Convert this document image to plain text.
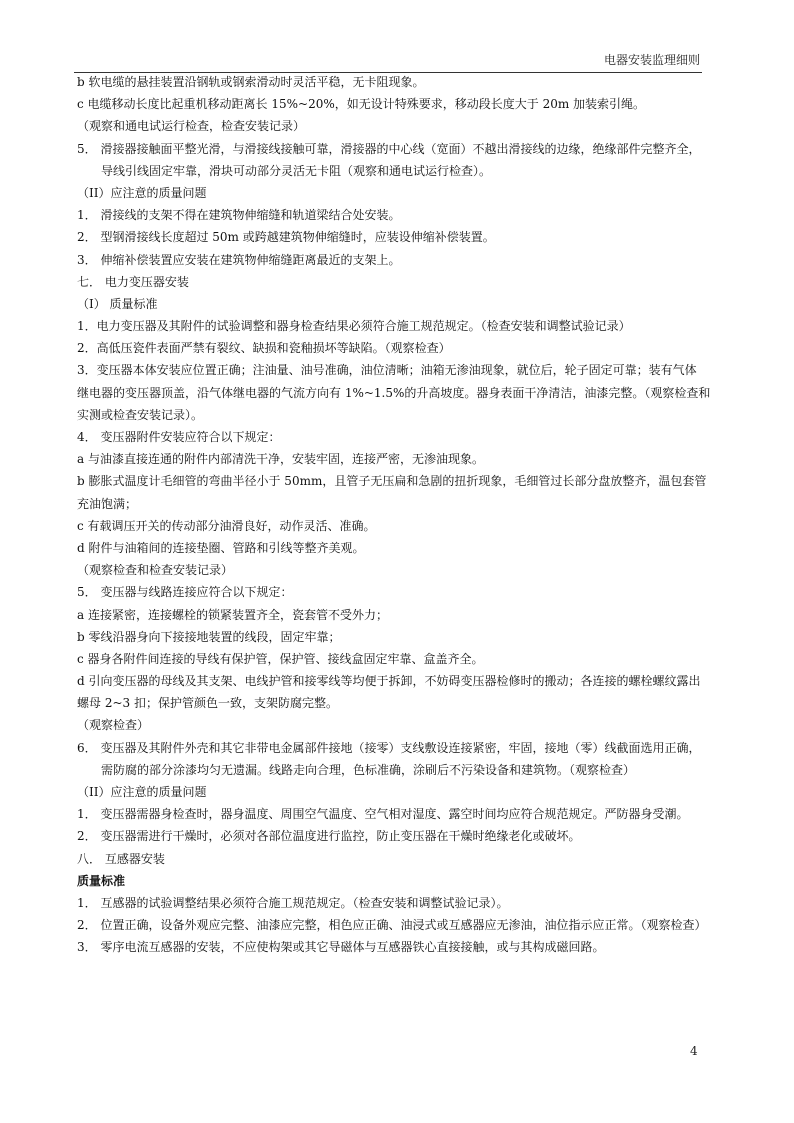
电器安装监理细则
b 软电缆的悬挂装置沿钢轨或钢索滑动时灵活平稳，无卡阻现象。
c 电缆移动长度比起重机移动距离长 15%~20%，如无设计特殊要求，移动段长度大于 20m 加装索引绳。
（观察和通电试运行检查，检查安装记录）
5． 滑接器接触面平整光滑，与滑接线接触可靠，滑接器的中心线（宽面）不越出滑接线的边缘，绝缘部件完整齐全，
导线引线固定牢靠，滑块可动部分灵活无卡阻（观察和通电试运行检查）。
（II）应注意的质量问题
1． 滑接线的支架不得在建筑物伸缩缝和轨道梁结合处安装。
2． 型钢滑接线长度超过 50m 或跨越建筑物伸缩缝时，应装设伸缩补偿装置。
3． 伸缩补偿装置应安装在建筑物伸缩缝距离最近的支架上。
七． 电力变压器安装
（I） 质量标准
1．电力变压器及其附件的试验调整和器身检查结果必须符合施工规范规定。（检查安装和调整试验记录）
2．高低压瓷件表面严禁有裂纹、缺损和瓷釉损坏等缺陷。（观察检查）
3．变压器本体安装应位置正确；注油量、油号准确，油位清晰；油箱无渗油现象，就位后，轮子固定可靠；装有气体
继电器的变压器顶盖，沿气体继电器的气流方向有 1%~1.5%的升高坡度。器身表面干净清洁，油漆完整。（观察检查和
实测或检查安装记录）。
4． 变压器附件安装应符合以下规定：
a 与油漆直接连通的附件内部清洗干净，安装牢固，连接严密，无渗油现象。
b 膨胀式温度计毛细管的弯曲半径小于 50mm，且管子无压扁和急剧的扭折现象，毛细管过长部分盘放整齐，温包套管
充油饱满；
c 有载调压开关的传动部分油滑良好，动作灵活、准确。
d 附件与油箱间的连接垫圈、管路和引线等整齐美观。
（观察检查和检查安装记录）
5． 变压器与线路连接应符合以下规定：
a 连接紧密，连接螺栓的锁紧装置齐全，瓷套管不受外力；
b 零线沿器身向下接接地装置的线段，固定牢靠；
c 器身各附件间连接的导线有保护管，保护管、接线盒固定牢靠、盒盖齐全。
d 引向变压器的母线及其支架、电线护管和接零线等均便于拆卸，不妨碍变压器检修时的搬动；各连接的螺栓螺纹露出
螺母 2~3 扣；保护管颜色一致，支架防腐完整。
（观察检查）
6． 变压器及其附件外壳和其它非带电金属部件接地（接零）支线敷设连接紧密，牢固，接地（零）线截面选用正确，
需防腐的部分涂漆均匀无遗漏。线路走向合理，色标准确，涂刷后不污染设备和建筑物。（观察检查）
（II）应注意的质量问题
1． 变压器需器身检查时，器身温度、周围空气温度、空气相对湿度、露空时间均应符合规范规定。严防器身受潮。
2． 变压器需进行干燥时，必须对各部位温度进行监控，防止变压器在干燥时绝缘老化或破坏。
八． 互感器安装
质量标准
1． 互感器的试验调整结果必须符合施工规范规定。（检查安装和调整试验记录）。
2． 位置正确，设备外观应完整、油漆应完整，相色应正确、油浸式或互感器应无渗油，油位指示应正常。（观察检查）
3． 零序电流互感器的安装，不应使构架或其它导磁体与互感器铁心直接接触，或与其构成磁回路。
4
